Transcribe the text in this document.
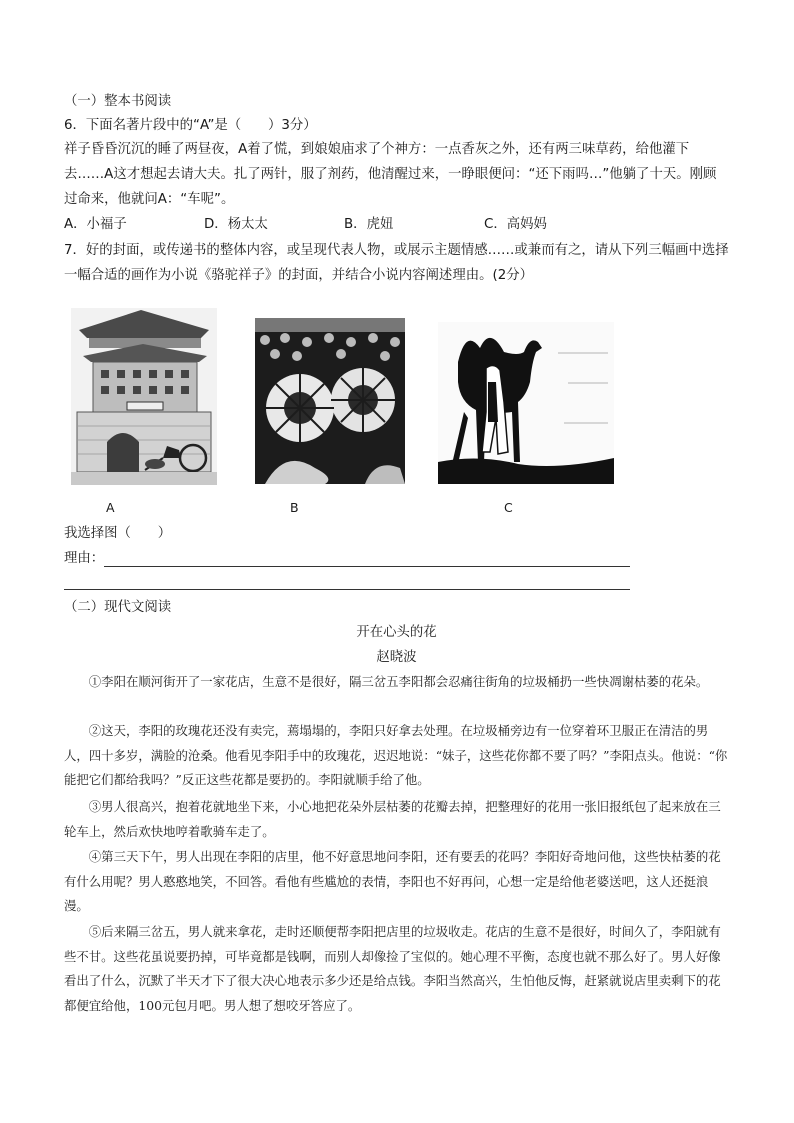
（一）整本书阅读
6．下面名著片段中的“A”是（　　）3分）
祥子昏昏沉沉的睡了两昼夜，A着了慌，到娘娘庙求了个神方：一点香灰之外，还有两三味草药，给他灌下去……A这才想起去请大夫。扎了两针，服了剂药，他清醒过来，一睁眼便问：“还下雨吗…”他躺了十天。刚顾过命来，他就问A：“车呢”。
A．小福子	D．杨太太	B．虎妞	C．高妈妈
7．好的封面，或传递书的整体内容，或呈现代表人物，或展示主题情感……或兼而有之，请从下列三幅画中选择一幅合适的画作为小说《骆驼祥子》的封面，并结合小说内容阐述理由。(2分）
A	B	C
我选择图（　　）
理由：
（二）现代文阅读
开在心头的花
赵晓波
①李阳在顺河街开了一家花店，生意不是很好，隔三岔五李阳都会忍痛往街角的垃圾桶扔一些快凋谢枯萎的花朵。
②这天，李阳的玫瑰花还没有卖完，蔫塌塌的，李阳只好拿去处理。在垃圾桶旁边有一位穿着环卫服正在清洁的男人，四十多岁，满脸的沧桑。他看见李阳手中的玫瑰花，迟迟地说：“妹子，这些花你都不要了吗？”李阳点头。他说：“你能把它们都给我吗？”反正这些花都是要扔的。李阳就顺手给了他。
③男人很高兴，抱着花就地坐下来，小心地把花朵外层枯萎的花瓣去掉，把整理好的花用一张旧报纸包了起来放在三轮车上，然后欢快地哼着歌骑车走了。
④第三天下午，男人出现在李阳的店里，他不好意思地问李阳，还有要丢的花吗？李阳好奇地问他，这些快枯萎的花有什么用呢？男人憨憨地笑，不回答。看他有些尴尬的表情，李阳也不好再问，心想一定是给他老婆送吧，这人还挺浪漫。
⑤后来隔三岔五，男人就来拿花，走时还顺便帮李阳把店里的垃圾收走。花店的生意不是很好，时间久了，李阳就有些不甘。这些花虽说要扔掉，可毕竟都是钱啊，而别人却像捡了宝似的。她心理不平衡，态度也就不那么好了。男人好像看出了什么，沉默了半天才下了很大决心地表示多少还是给点钱。李阳当然高兴，生怕他反悔，赶紧就说店里卖剩下的花都便宜给他，100元包月吧。男人想了想咬牙答应了。
